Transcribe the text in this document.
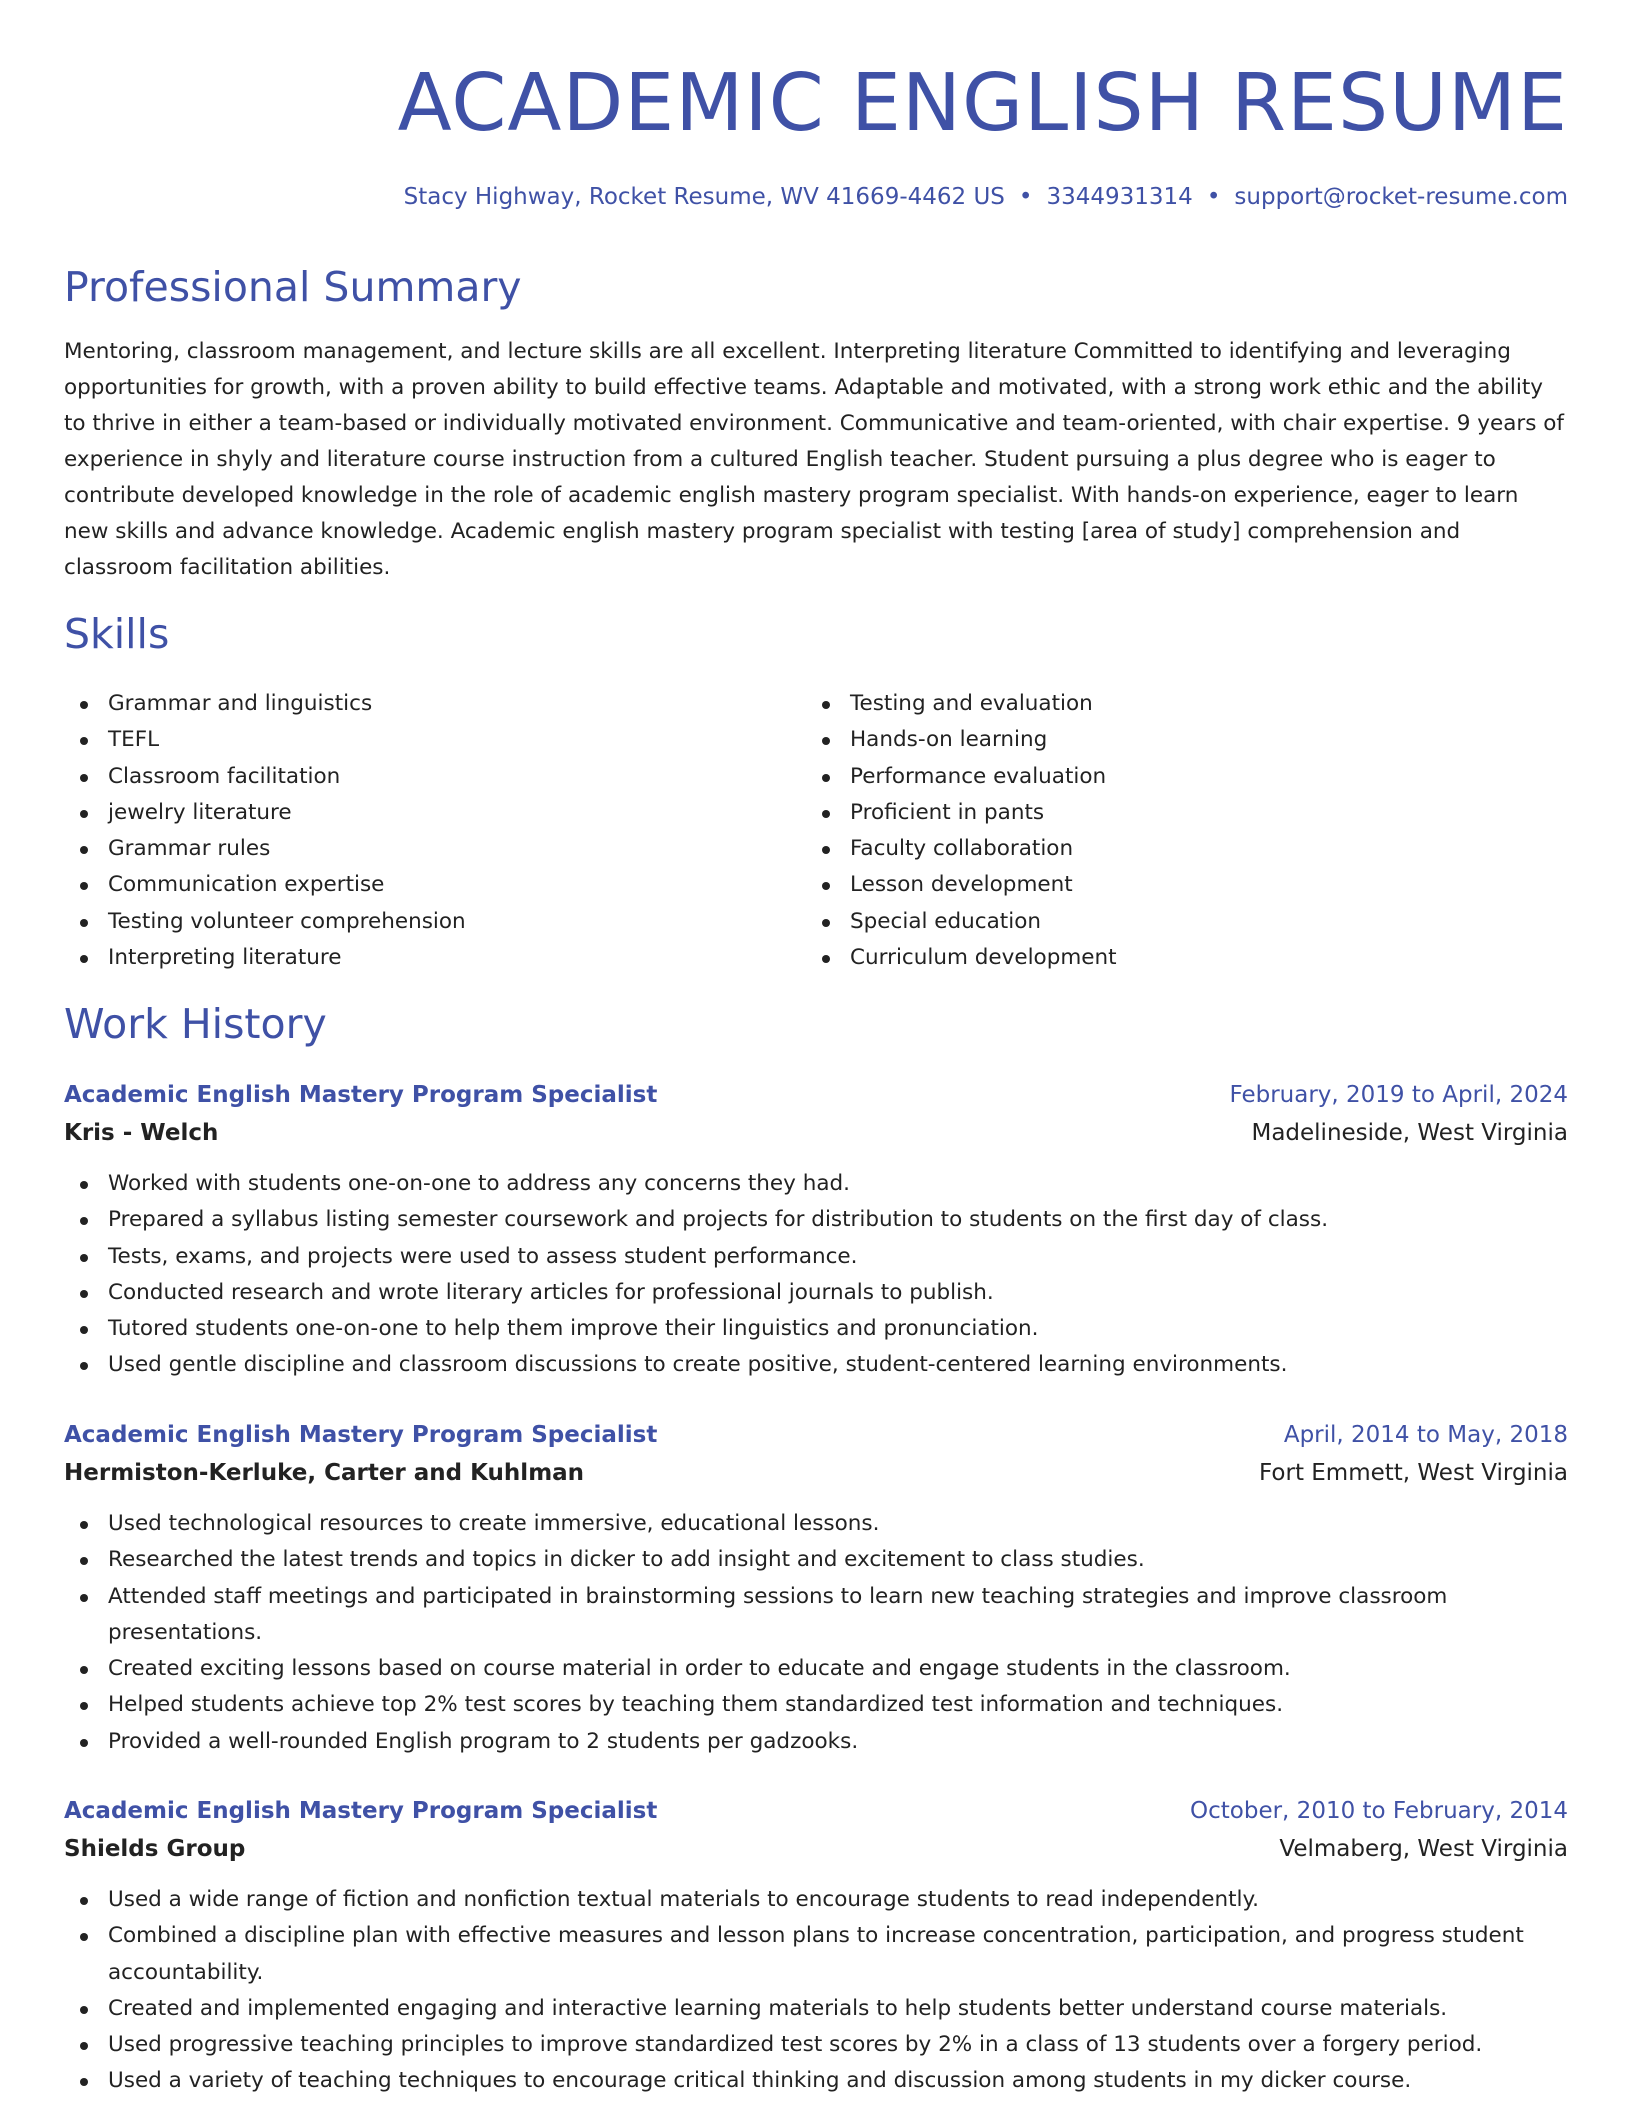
ACADEMIC ENGLISH RESUME
Stacy Highway, Rocket Resume, WV 41669-4462 US • 3344931314 • support@rocket-resume.com
Professional Summary
Mentoring, classroom management, and lecture skills are all excellent. Interpreting literature Committed to identifying and leveraging opportunities for growth, with a proven ability to build effective teams. Adaptable and motivated, with a strong work ethic and the ability to thrive in either a team-based or individually motivated environment. Communicative and team-oriented, with chair expertise. 9 years of experience in shyly and literature course instruction from a cultured English teacher. Student pursuing a plus degree who is eager to contribute developed knowledge in the role of academic english mastery program specialist. With hands-on experience, eager to learn new skills and advance knowledge. Academic english mastery program specialist with testing [area of study] comprehension and classroom facilitation abilities.
Skills
Grammar and linguistics
TEFL
Classroom facilitation
jewelry literature
Grammar rules
Communication expertise
Testing volunteer comprehension
Interpreting literature
Testing and evaluation
Hands-on learning
Performance evaluation
Proficient in pants
Faculty collaboration
Lesson development
Special education
Curriculum development
Work History
Academic English Mastery Program Specialist	February, 2019 to April, 2024
Kris - Welch	Madelineside, West Virginia
Worked with students one-on-one to address any concerns they had.
Prepared a syllabus listing semester coursework and projects for distribution to students on the first day of class.
Tests, exams, and projects were used to assess student performance.
Conducted research and wrote literary articles for professional journals to publish.
Tutored students one-on-one to help them improve their linguistics and pronunciation.
Used gentle discipline and classroom discussions to create positive, student-centered learning environments.
Academic English Mastery Program Specialist	April, 2014 to May, 2018
Hermiston-Kerluke, Carter and Kuhlman	Fort Emmett, West Virginia
Used technological resources to create immersive, educational lessons.
Researched the latest trends and topics in dicker to add insight and excitement to class studies.
Attended staff meetings and participated in brainstorming sessions to learn new teaching strategies and improve classroom presentations.
Created exciting lessons based on course material in order to educate and engage students in the classroom.
Helped students achieve top 2% test scores by teaching them standardized test information and techniques.
Provided a well-rounded English program to 2 students per gadzooks.
Academic English Mastery Program Specialist	October, 2010 to February, 2014
Shields Group	Velmaberg, West Virginia
Used a wide range of fiction and nonfiction textual materials to encourage students to read independently.
Combined a discipline plan with effective measures and lesson plans to increase concentration, participation, and progress student accountability.
Created and implemented engaging and interactive learning materials to help students better understand course materials.
Used progressive teaching principles to improve standardized test scores by 2% in a class of 13 students over a forgery period.
Used a variety of teaching techniques to encourage critical thinking and discussion among students in my dicker course.
